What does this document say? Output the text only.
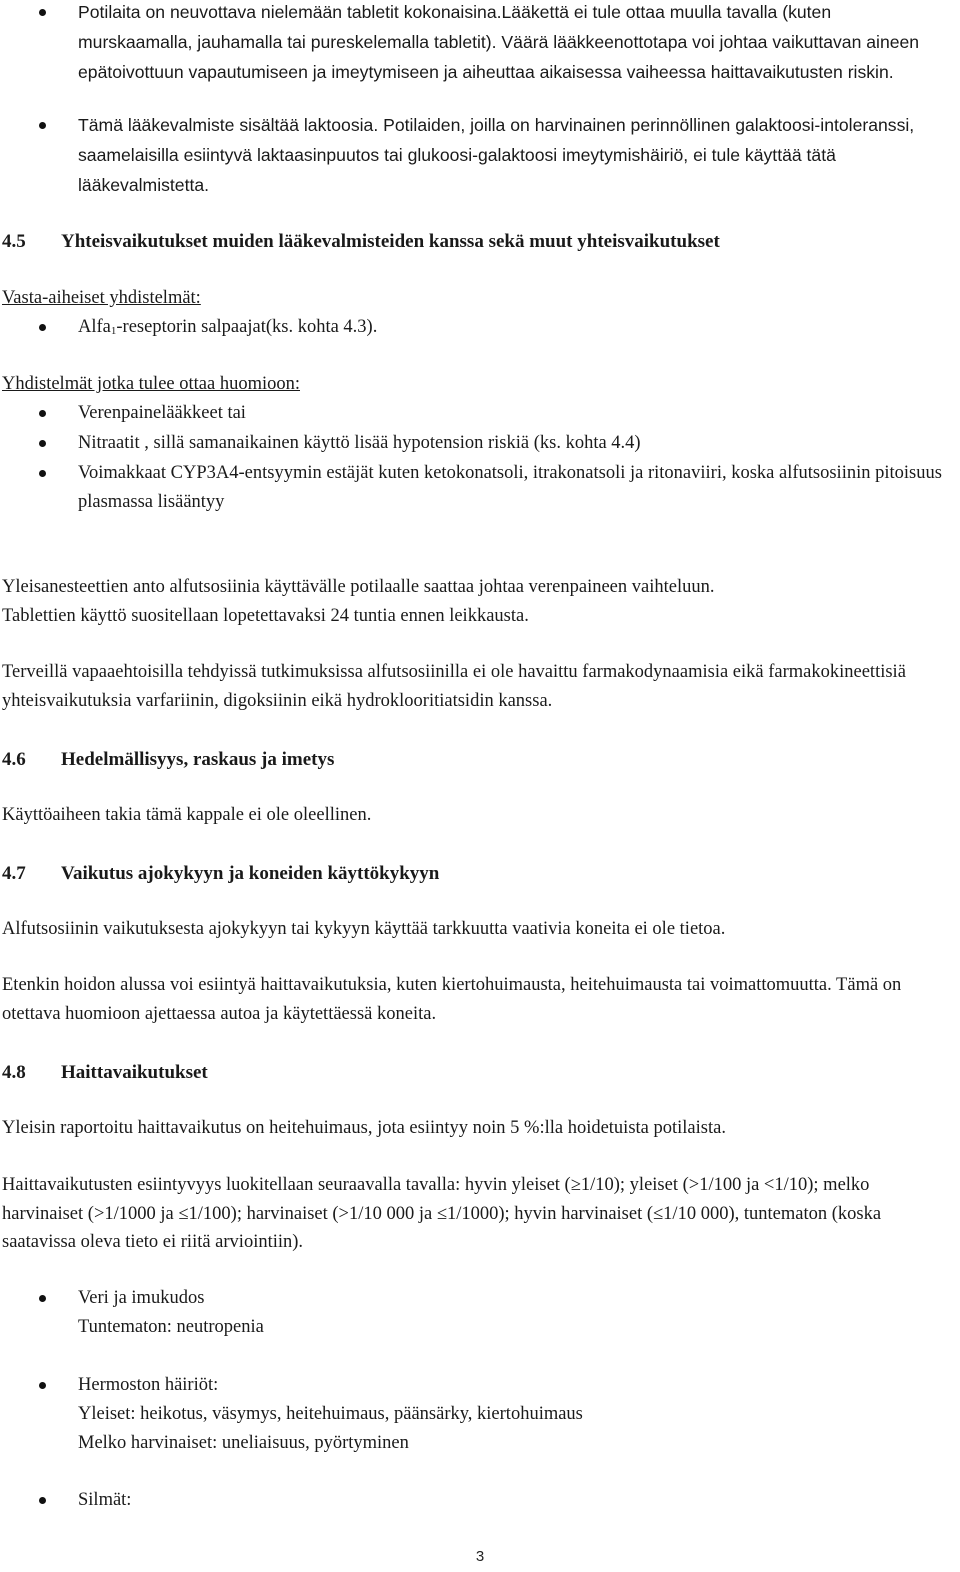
Potilaita on neuvottava nielemään tabletit kokonaisina.Lääkettä ei tule ottaa muulla tavalla (kuten murskaamalla, jauhamalla tai pureskelemalla tabletit). Väärä lääkkeenottotapa voi johtaa vaikuttavan aineen epätoivottuun vapautumiseen ja imeytymiseen ja aiheuttaa aikaisessa vaiheessa haittavaikutusten riskin.
Tämä lääkevalmiste sisältää laktoosia. Potilaiden, joilla on harvinainen perinnöllinen galaktoosi-intoleranssi, saamelaisilla esiintyvä laktaasinpuutos tai glukoosi-galaktoosi imeytymishäiriö, ei tule käyttää tätä lääkevalmistetta.
4.5 Yhteisvaikutukset muiden lääkevalmisteiden kanssa sekä muut yhteisvaikutukset
Vasta-aiheiset yhdistelmät:
Alfa$_1$-reseptorin salpaajat(ks. kohta 4.3).
Yhdistelmät jotka tulee ottaa huomioon:
Verenpainelääkkeet tai
Nitraatit , sillä samanaikainen käyttö lisää hypotension riskiä (ks. kohta 4.4)
Voimakkaat CYP3A4-entsyymin estäjät kuten ketokonatsoli, itrakonatsoli ja ritonaviiri, koska alfutsosiinin pitoisuus plasmassa lisääntyy
Yleisanesteettien anto alfutsosiinia käyttävälle potilaalle saattaa johtaa verenpaineen vaihteluun.
Tablettien käyttö suositellaan lopetettavaksi 24 tuntia ennen leikkausta.
Terveillä vapaaehtoisilla tehdyissä tutkimuksissa alfutsosiinilla ei ole havaittu farmakodynaamisia eikä farmakokineettisiä yhteisvaikutuksia varfariinin, digoksiinin eikä hydroklooritiatsidin kanssa.
4.6 Hedelmällisyys, raskaus ja imetys
Käyttöaiheen takia tämä kappale ei ole oleellinen.
4.7 Vaikutus ajokykyyn ja koneiden käyttökykyyn
Alfutsosiinin vaikutuksesta ajokykyyn tai kykyyn käyttää tarkkuutta vaativia koneita ei ole tietoa.
Etenkin hoidon alussa voi esiintyä haittavaikutuksia, kuten kiertohuimausta, heitehuimausta tai voimattomuutta. Tämä on otettava huomioon ajettaessa autoa ja käytettäessä koneita.
4.8 Haittavaikutukset
Yleisin raportoitu haittavaikutus on heitehuimaus, jota esiintyy noin 5 %:lla hoidetuista potilaista.
Haittavaikutusten esiintyvyys luokitellaan seuraavalla tavalla: hyvin yleiset (≥1/10); yleiset (>1/100 ja <1/10); melko harvinaiset (>1/1000 ja ≤1/100); harvinaiset (>1/10 000 ja ≤1/1000); hyvin harvinaiset (≤1/10 000), tuntematon (koska saatavissa oleva tieto ei riitä arviointiin).
Veri ja imukudos
Tuntematon: neutropenia
Hermoston häiriöt:
Yleiset: heikotus, väsymys, heitehuimaus, päänsärky, kiertohuimaus
Melko harvinaiset: uneliaisuus, pyörtyminen
Silmät:
3
